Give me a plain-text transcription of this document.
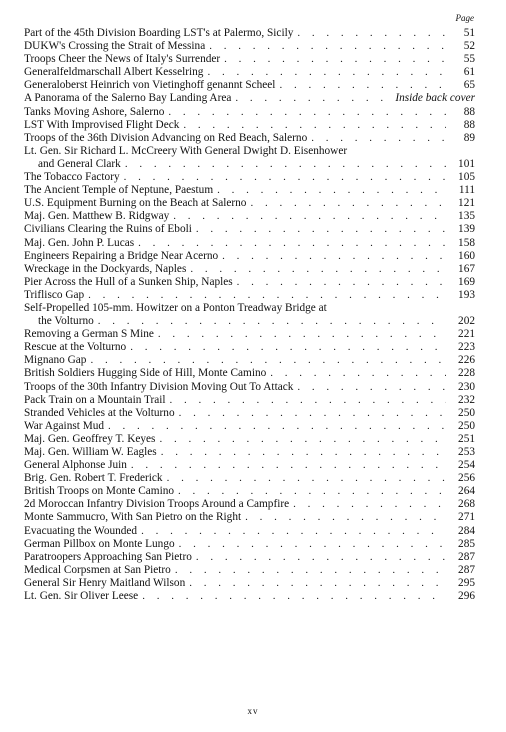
Page
Part of the 45th Division Boarding LST's at Palermo, Sicily . . .	51
DUKW's Crossing the Strait of Messina . . .	52
Troops Cheer the News of Italy's Surrender . . .	55
Generalfeldmarschall Albert Kesselring . . .	61
Generaloberst Heinrich von Vietinghoff genannt Scheel . . .	65
A Panorama of the Salerno Bay Landing Area . . .	Inside back cover
Tanks Moving Ashore, Salerno . . .	88
LST With Improvised Flight Deck . . .	88
Troops of the 36th Division Advancing on Red Beach, Salerno . . .	89
Lt. Gen. Sir Richard L. McCreery With General Dwight D. Eisenhower
and General Clark . . .	101
The Tobacco Factory . . .	105
The Ancient Temple of Neptune, Paestum . . .	111
U.S. Equipment Burning on the Beach at Salerno . . .	121
Maj. Gen. Matthew B. Ridgway . . .	135
Civilians Clearing the Ruins of Eboli . . .	139
Maj. Gen. John P. Lucas . . .	158
Engineers Repairing a Bridge Near Acerno . . .	160
Wreckage in the Dockyards, Naples . . .	167
Pier Across the Hull of a Sunken Ship, Naples . . .	169
Triflisco Gap . . .	193
Self-Propelled 105-mm. Howitzer on a Ponton Treadway Bridge at
the Volturno . . .	202
Removing a German S Mine . . .	221
Rescue at the Volturno . . .	223
Mignano Gap . . .	226
British Soldiers Hugging Side of Hill, Monte Camino . . .	228
Troops of the 30th Infantry Division Moving Out To Attack . . .	230
Pack Train on a Mountain Trail . . .	232
Stranded Vehicles at the Volturno . . .	250
War Against Mud . . .	250
Maj. Gen. Geoffrey T. Keyes . . .	251
Maj. Gen. William W. Eagles . . .	253
General Alphonse Juin . . .	254
Brig. Gen. Robert T. Frederick . . .	256
British Troops on Monte Camino . . .	264
2d Moroccan Infantry Division Troops Around a Campfire . . .	268
Monte Sammucro, With San Pietro on the Right . . .	271
Evacuating the Wounded . . .	284
German Pillbox on Monte Lungo . . .	285
Paratroopers Approaching San Pietro . . .	287
Medical Corpsmen at San Pietro . . .	287
General Sir Henry Maitland Wilson . . .	295
Lt. Gen. Sir Oliver Leese . . .	296
xv
